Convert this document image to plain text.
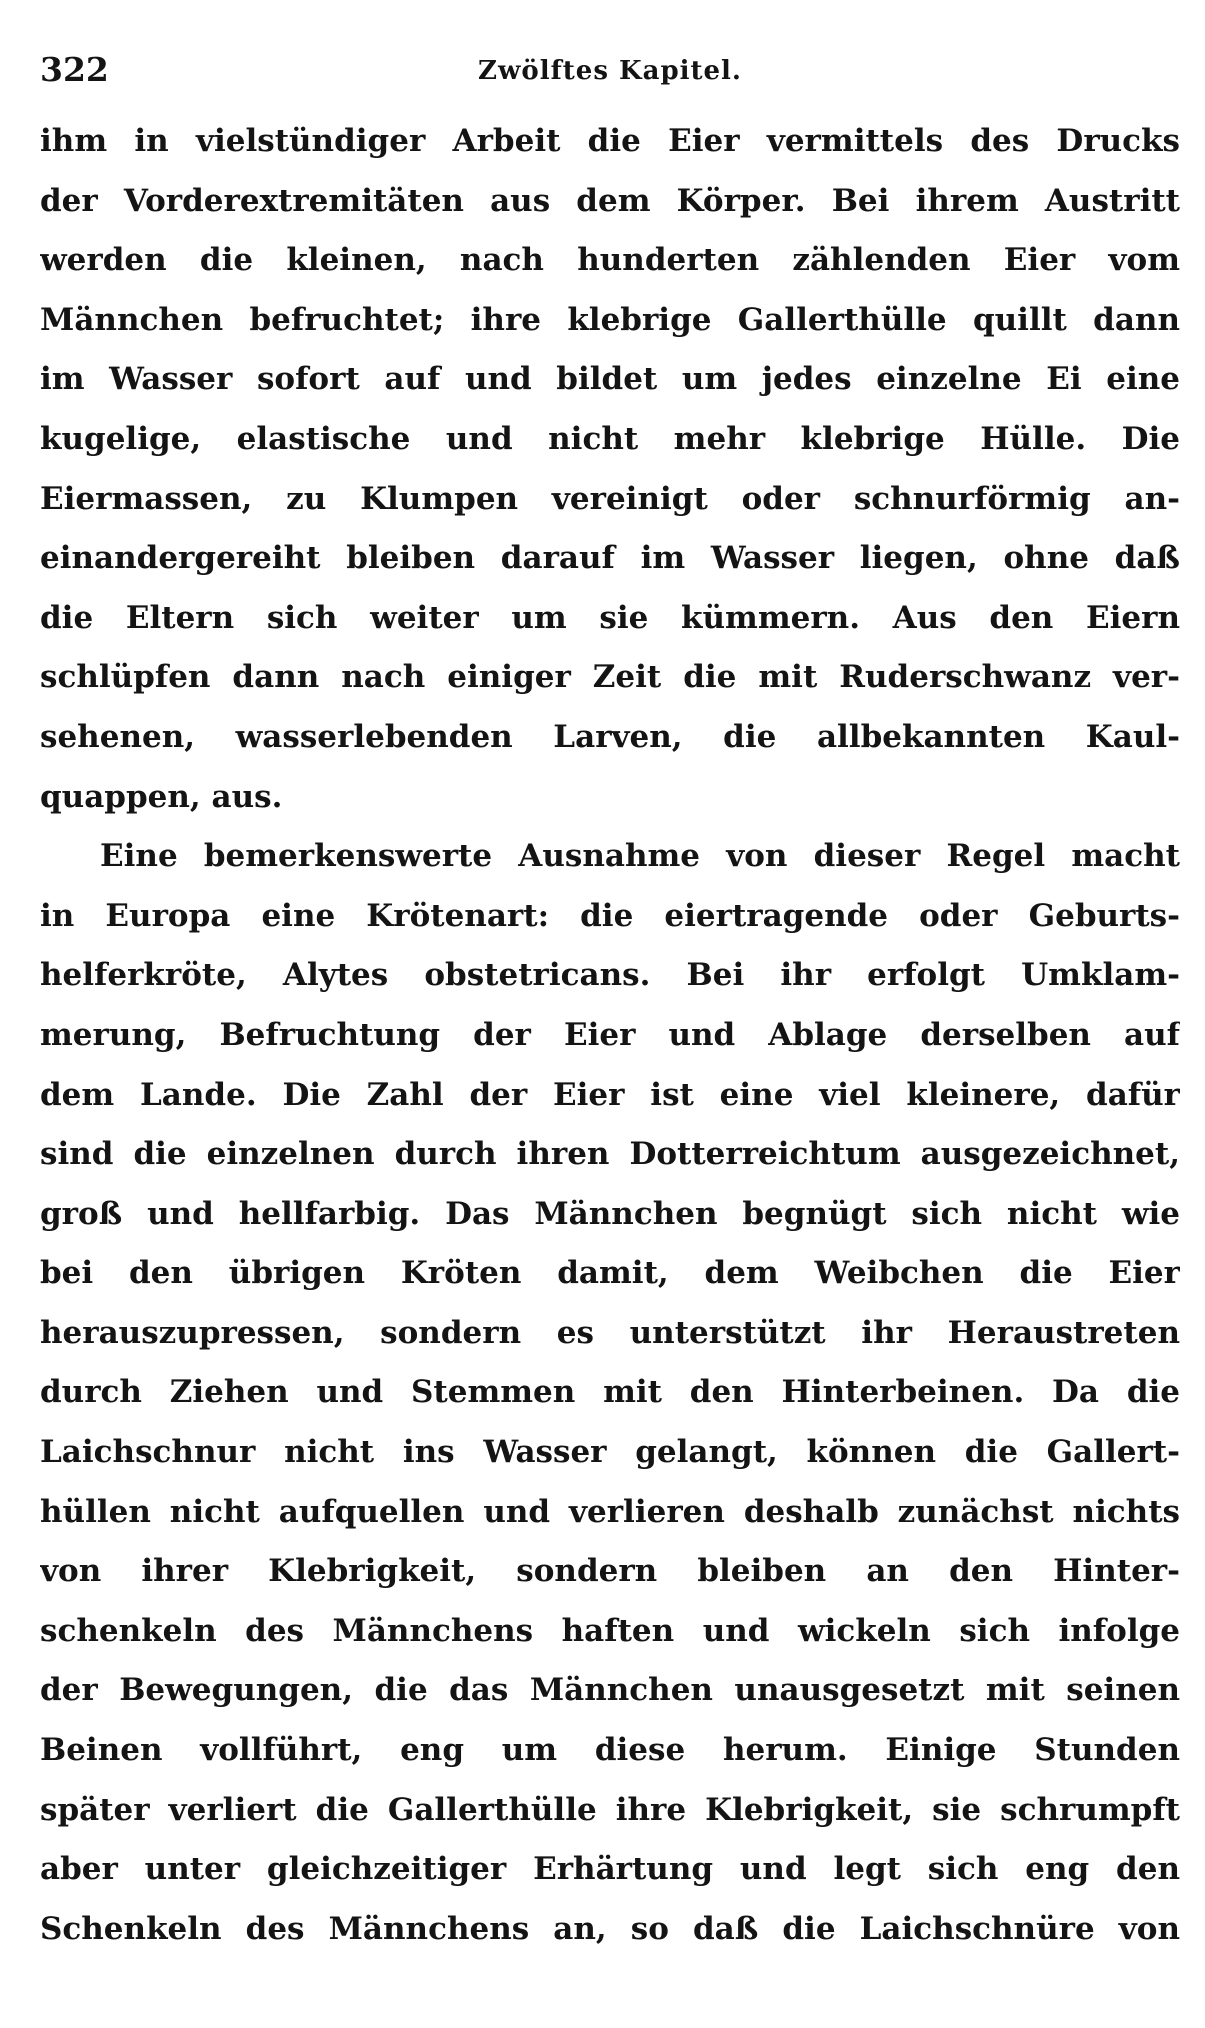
322	Zwölftes Kapitel.
ihm in vielstündiger Arbeit die Eier vermittels des Drucks
der Vorderextremitäten aus dem Körper. Bei ihrem Austritt
werden die kleinen, nach hunderten zählenden Eier vom
Männchen befruchtet; ihre klebrige Gallerthülle quillt dann
im Wasser sofort auf und bildet um jedes einzelne Ei eine
kugelige, elastische und nicht mehr klebrige Hülle. Die
Eiermassen, zu Klumpen vereinigt oder schnurförmig an-
einandergereiht bleiben darauf im Wasser liegen, ohne daß
die Eltern sich weiter um sie kümmern. Aus den Eiern
schlüpfen dann nach einiger Zeit die mit Ruderschwanz ver-
sehenen, wasserlebenden Larven, die allbekannten Kaul-
quappen, aus.
Eine bemerkenswerte Ausnahme von dieser Regel macht
in Europa eine Krötenart: die eiertragende oder Geburts-
helferkröte, Alytes obstetricans. Bei ihr erfolgt Umklam-
merung, Befruchtung der Eier und Ablage derselben auf
dem Lande. Die Zahl der Eier ist eine viel kleinere, dafür
sind die einzelnen durch ihren Dotterreichtum ausgezeichnet,
groß und hellfarbig. Das Männchen begnügt sich nicht wie
bei den übrigen Kröten damit, dem Weibchen die Eier
herauszupressen, sondern es unterstützt ihr Heraustreten
durch Ziehen und Stemmen mit den Hinterbeinen. Da die
Laichschnur nicht ins Wasser gelangt, können die Gallert-
hüllen nicht aufquellen und verlieren deshalb zunächst nichts
von ihrer Klebrigkeit, sondern bleiben an den Hinter-
schenkeln des Männchens haften und wickeln sich infolge
der Bewegungen, die das Männchen unausgesetzt mit seinen
Beinen vollführt, eng um diese herum. Einige Stunden
später verliert die Gallerthülle ihre Klebrigkeit, sie schrumpft
aber unter gleichzeitiger Erhärtung und legt sich eng den
Schenkeln des Männchens an, so daß die Laichschnüre von
